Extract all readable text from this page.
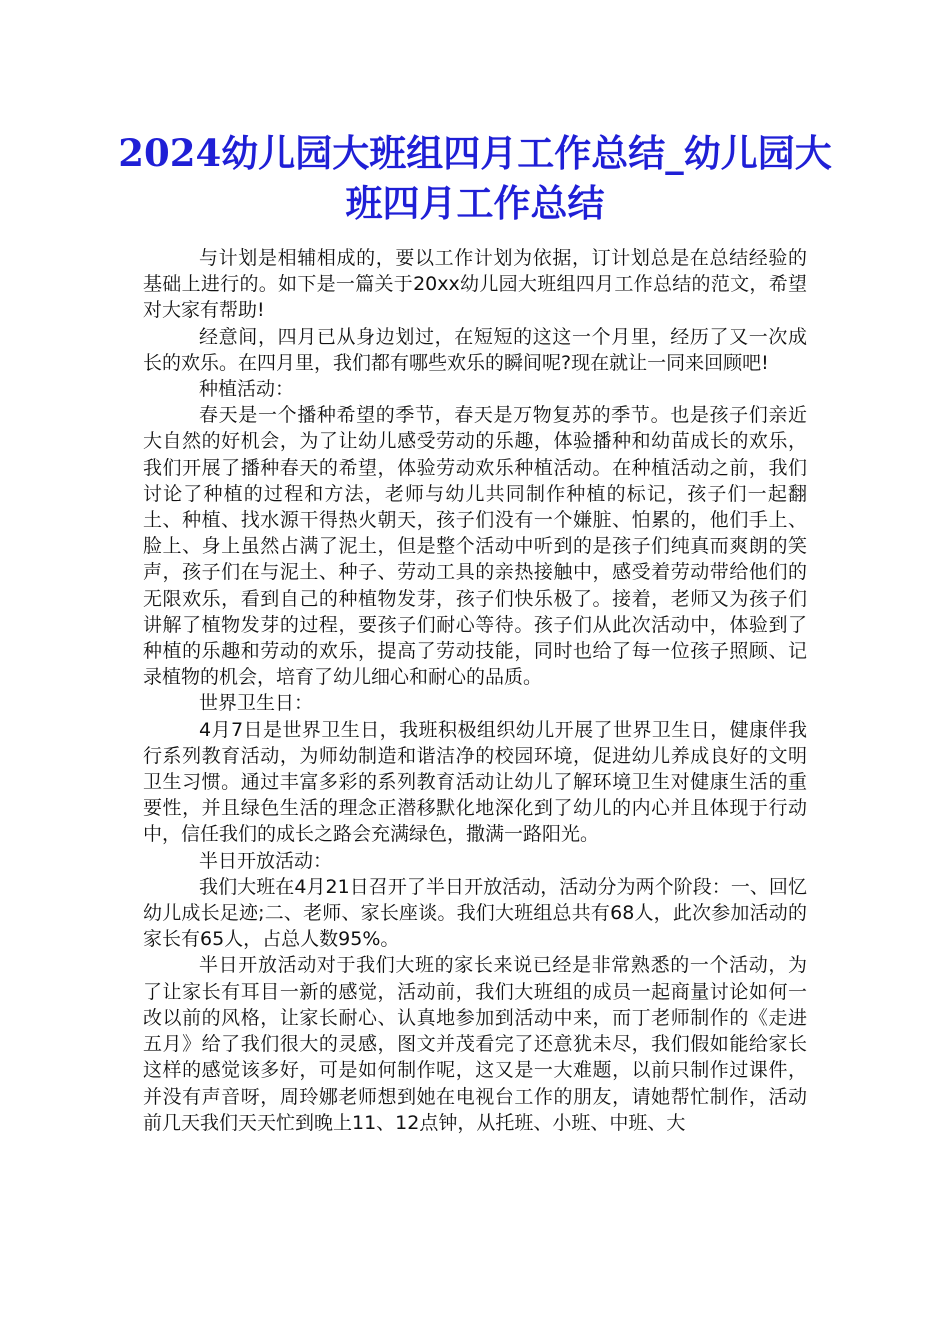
2024幼儿园大班组四月工作总结_幼儿园大班四月工作总结

与计划是相辅相成的，要以工作计划为依据，订计划总是在总结经验的基础上进行的。如下是一篇关于20xx幼儿园大班组四月工作总结的范文，希望对大家有帮助!

经意间，四月已从身边划过，在短短的这这一个月里，经历了又一次成长的欢乐。在四月里，我们都有哪些欢乐的瞬间呢?现在就让一同来回顾吧!

种植活动：

春天是一个播种希望的季节，春天是万物复苏的季节。也是孩子们亲近大自然的好机会，为了让幼儿感受劳动的乐趣，体验播种和幼苗成长的欢乐，我们开展了播种春天的希望，体验劳动欢乐种植活动。在种植活动之前，我们讨论了种植的过程和方法，老师与幼儿共同制作种植的标记，孩子们一起翻土、种植、找水源干得热火朝天，孩子们没有一个嫌脏、怕累的，他们手上、脸上、身上虽然占满了泥土，但是整个活动中听到的是孩子们纯真而爽朗的笑声，孩子们在与泥土、种子、劳动工具的亲热接触中，感受着劳动带给他们的无限欢乐，看到自己的种植物发芽，孩子们快乐极了。接着，老师又为孩子们讲解了植物发芽的过程，要孩子们耐心等待。孩子们从此次活动中，体验到了种植的乐趣和劳动的欢乐，提高了劳动技能，同时也给了每一位孩子照顾、记录植物的机会，培育了幼儿细心和耐心的品质。

世界卫生日：

4月7日是世界卫生日，我班积极组织幼儿开展了世界卫生日，健康伴我行系列教育活动，为师幼制造和谐洁净的校园环境，促进幼儿养成良好的文明卫生习惯。通过丰富多彩的系列教育活动让幼儿了解环境卫生对健康生活的重要性，并且绿色生活的理念正潜移默化地深化到了幼儿的内心并且体现于行动中，信任我们的成长之路会充满绿色，撒满一路阳光。

半日开放活动：

我们大班在4月21日召开了半日开放活动，活动分为两个阶段：一、回忆幼儿成长足迹;二、老师、家长座谈。我们大班组总共有68人，此次参加活动的家长有65人，占总人数95%。

半日开放活动对于我们大班的家长来说已经是非常熟悉的一个活动，为了让家长有耳目一新的感觉，活动前，我们大班组的成员一起商量讨论如何一改以前的风格，让家长耐心、认真地参加到活动中来，而丁老师制作的《走进五月》给了我们很大的灵感，图文并茂看完了还意犹未尽，我们假如能给家长这样的感觉该多好，可是如何制作呢，这又是一大难题，以前只制作过课件，并没有声音呀，周玲娜老师想到她在电视台工作的朋友，请她帮忙制作，活动前几天我们天天忙到晚上11、12点钟，从托班、小班、中班、大
